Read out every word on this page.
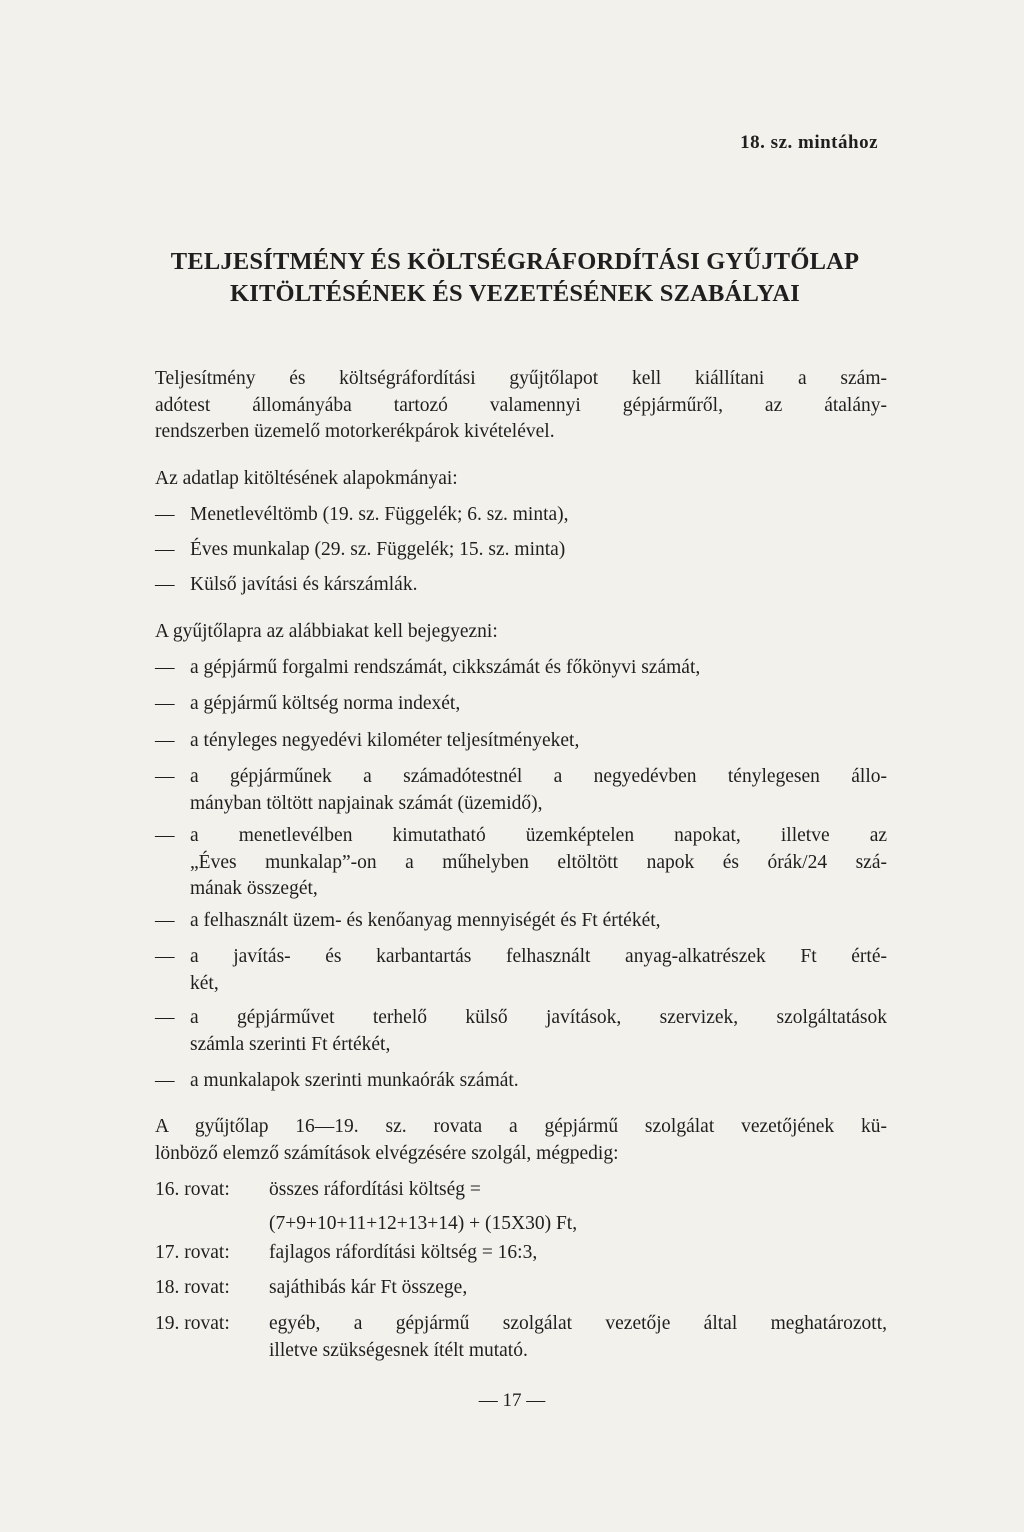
18. sz. mintához
TELJESÍTMÉNY ÉS KÖLTSÉGRÁFORDÍTÁSI GYŰJTŐLAP
KITÖLTÉSÉNEK ÉS VEZETÉSÉNEK SZABÁLYAI
Teljesítmény és költségráfordítási gyűjtőlapot kell kiállítani a szám-
adótest állományába tartozó valamennyi gépjárműről, az átalány-
rendszerben üzemelő motorkerékpárok kivételével.
Az adatlap kitöltésének alapokmányai:
— Menetlevéltömb (19. sz. Függelék; 6. sz. minta),
— Éves munkalap (29. sz. Függelék; 15. sz. minta)
— Külső javítási és kárszámlák.
A gyűjtőlapra az alábbiakat kell bejegyezni:
— a gépjármű forgalmi rendszámát, cikkszámát és főkönyvi számát,
— a gépjármű költség norma indexét,
— a tényleges negyedévi kilométer teljesítményeket,
— a gépjárműnek a számadótestnél a negyedévben ténylegesen állo-
mányban töltött napjainak számát (üzemidő),
— a menetlevélben kimutatható üzemképtelen napokat, illetve az
„Éves munkalap”-on a műhelyben eltöltött napok és órák/24 szá-
mának összegét,
— a felhasznált üzem- és kenőanyag mennyiségét és Ft értékét,
— a javítás- és karbantartás felhasznált anyag-alkatrészek Ft érté-
két,
— a gépjárművet terhelő külső javítások, szervizek, szolgáltatások
számla szerinti Ft értékét,
— a munkalapok szerinti munkaórák számát.
A gyűjtőlap 16—19. sz. rovata a gépjármű szolgálat vezetőjének kü-
lönböző elemző számítások elvégzésére szolgál, mégpedig:
16. rovat: összes ráfordítási költség =
(7+9+10+11+12+13+14) + (15X30) Ft,
17. rovat: fajlagos ráfordítási költség = 16:3,
18. rovat: sajáthibás kár Ft összege,
19. rovat: egyéb, a gépjármű szolgálat vezetője által meghatározott,
illetve szükségesnek ítélt mutató.
— 17 —
